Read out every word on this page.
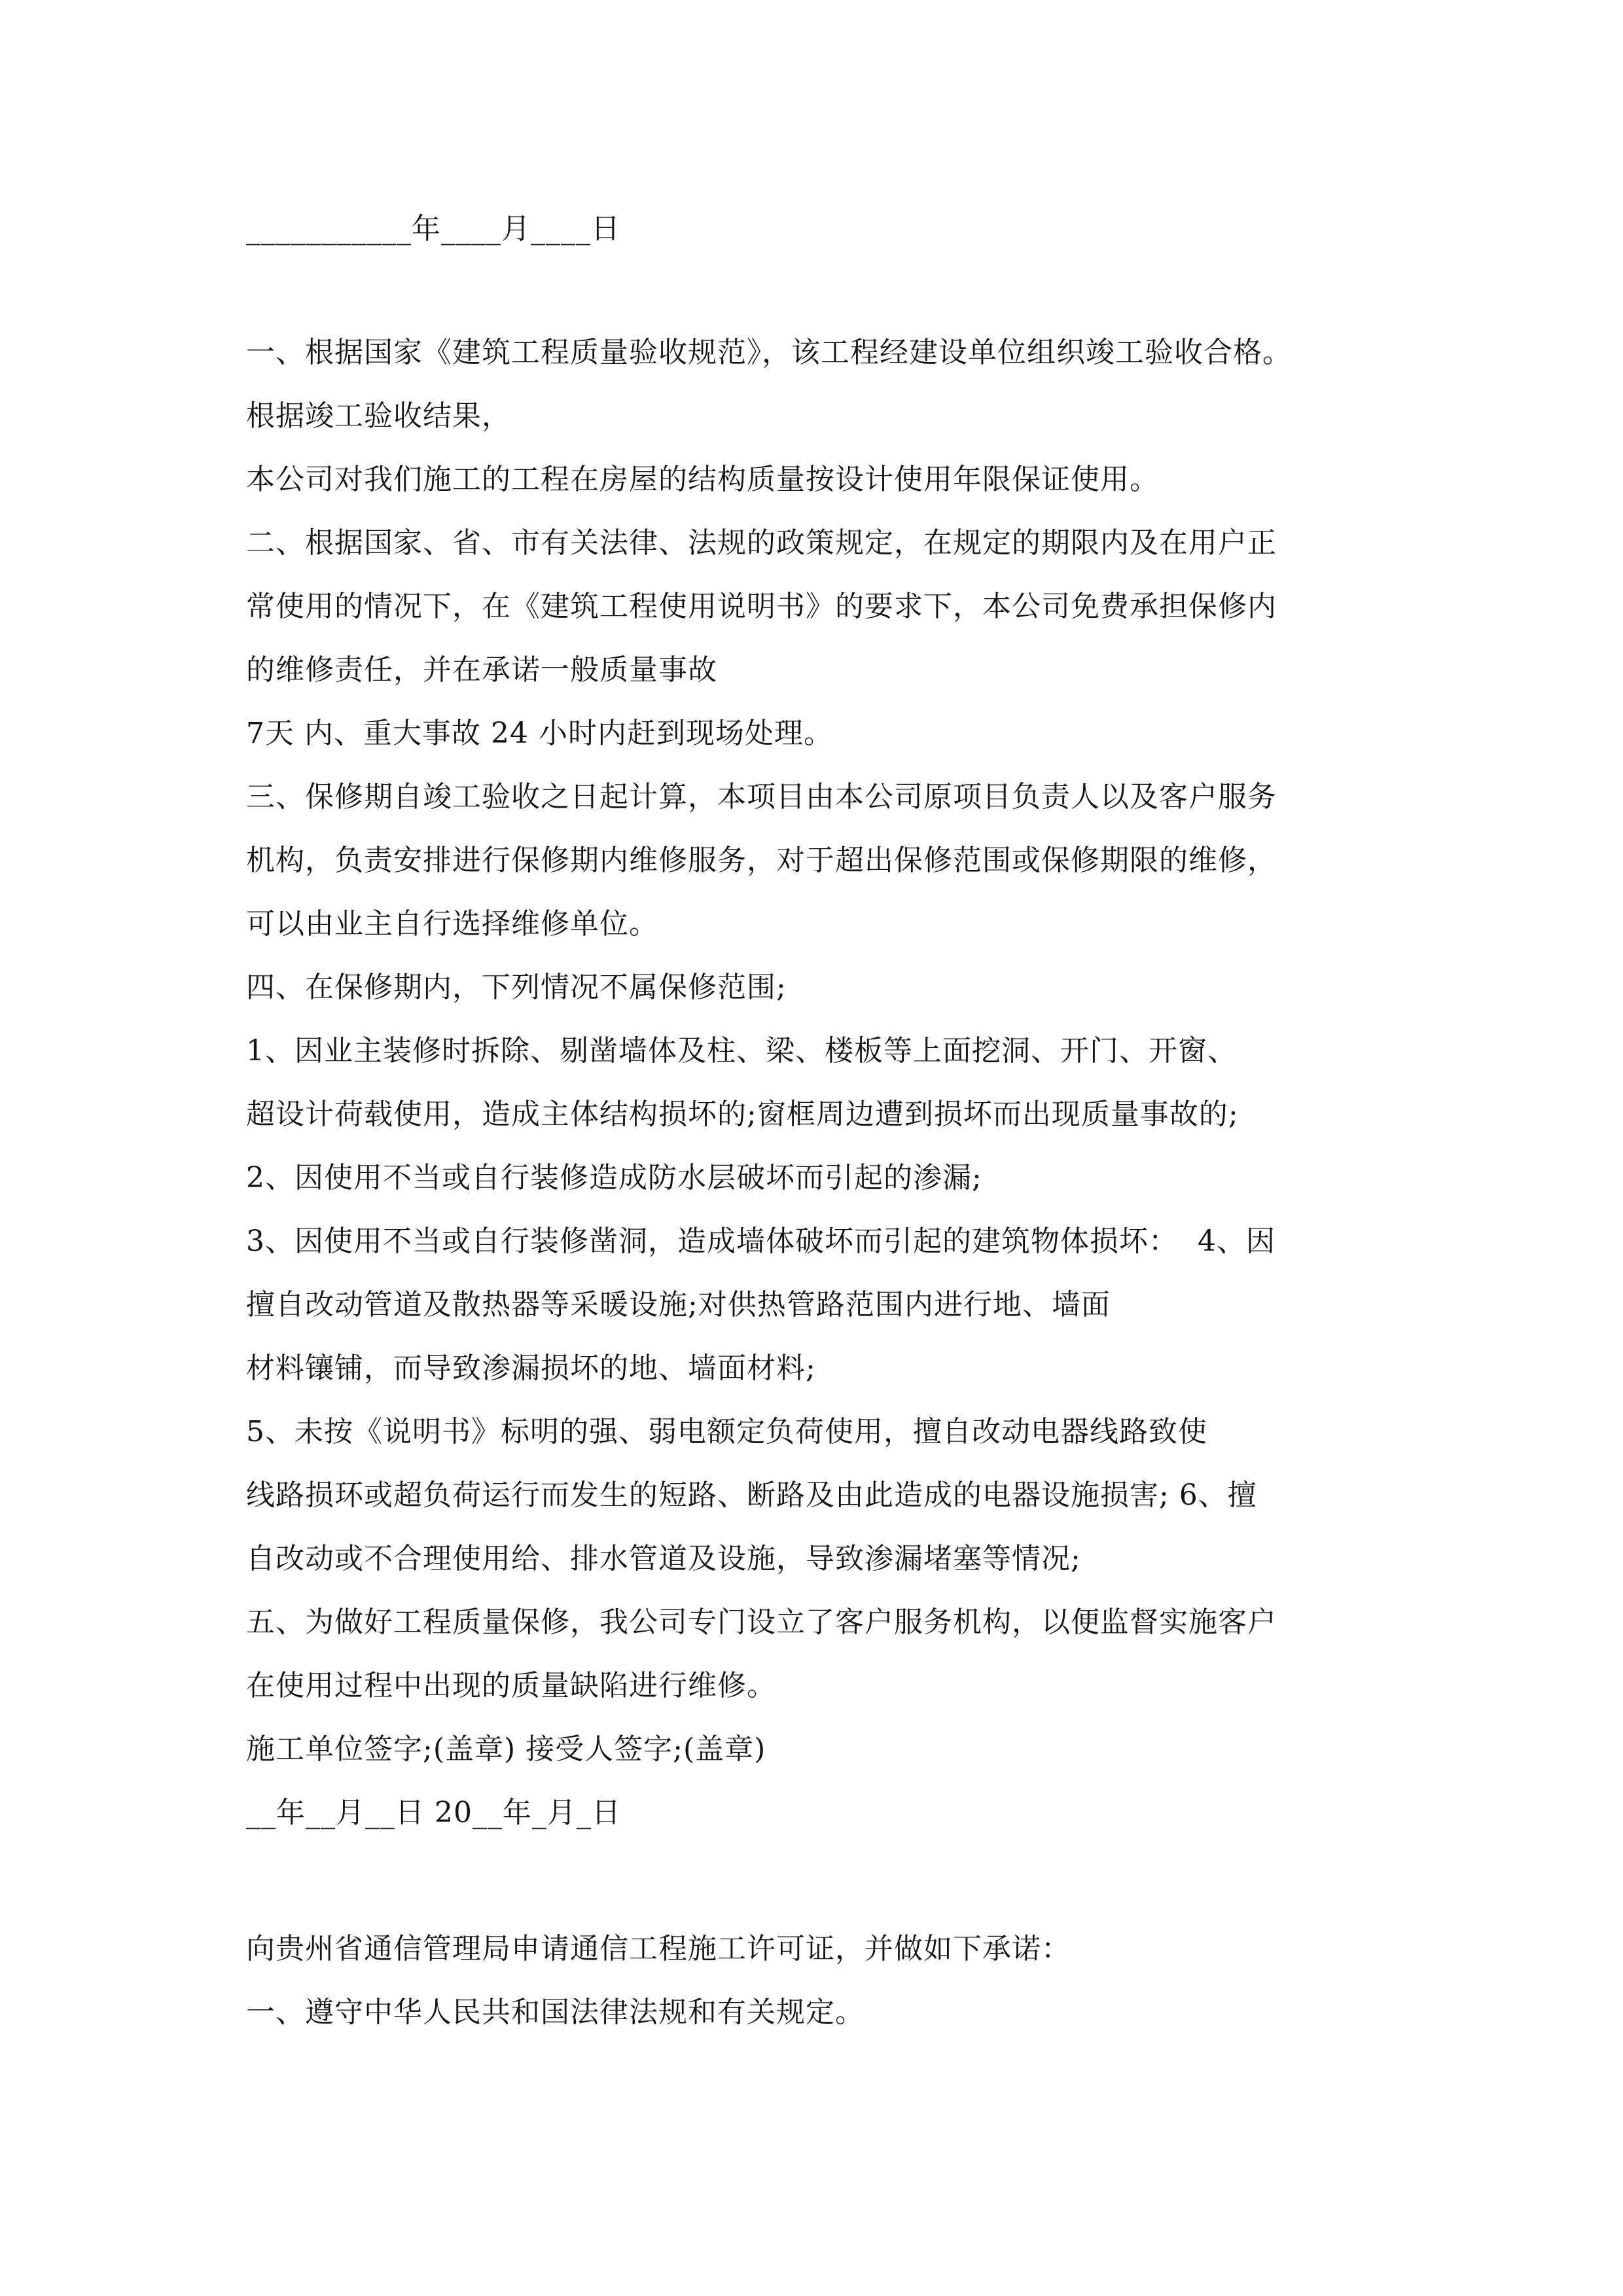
___________年____月____日
一、根据国家《建筑工程质量验收规范》，该工程经建设单位组织竣工验收合格。
根据竣工验收结果，
本公司对我们施工的工程在房屋的结构质量按设计使用年限保证使用。
二、根据国家、省、市有关法律、法规的政策规定，在规定的期限内及在用户正
常使用的情况下，在《建筑工程使用说明书》的要求下，本公司免费承担保修内
的维修责任，并在承诺一般质量事故
7天 内、重大事故 24 小时内赶到现场处理。
三、保修期自竣工验收之日起计算，本项目由本公司原项目负责人以及客户服务
机构，负责安排进行保修期内维修服务，对于超出保修范围或保修期限的维修，
可以由业主自行选择维修单位。
四、在保修期内，下列情况不属保修范围;
1、因业主装修时拆除、剔凿墙体及柱、梁、楼板等上面挖洞、开门、开窗、
超设计荷载使用，造成主体结构损坏的;窗框周边遭到损坏而出现质量事故的;
2、因使用不当或自行装修造成防水层破坏而引起的渗漏;
3、因使用不当或自行装修凿洞，造成墙体破坏而引起的建筑物体损坏：  4、因
擅自改动管道及散热器等采暖设施;对供热管路范围内进行地、墙面
材料镶铺，而导致渗漏损坏的地、墙面材料;
5、未按《说明书》标明的强、弱电额定负荷使用，擅自改动电器线路致使
线路损环或超负荷运行而发生的短路、断路及由此造成的电器设施损害; 6、擅
自改动或不合理使用给、排水管道及设施，导致渗漏堵塞等情况;
五、为做好工程质量保修，我公司专门设立了客户服务机构，以便监督实施客户
在使用过程中出现的质量缺陷进行维修。
施工单位签字;(盖章) 接受人签字;(盖章)
__年__月__日 20__年_月_日
向贵州省通信管理局申请通信工程施工许可证，并做如下承诺：
一、遵守中华人民共和国法律法规和有关规定。
